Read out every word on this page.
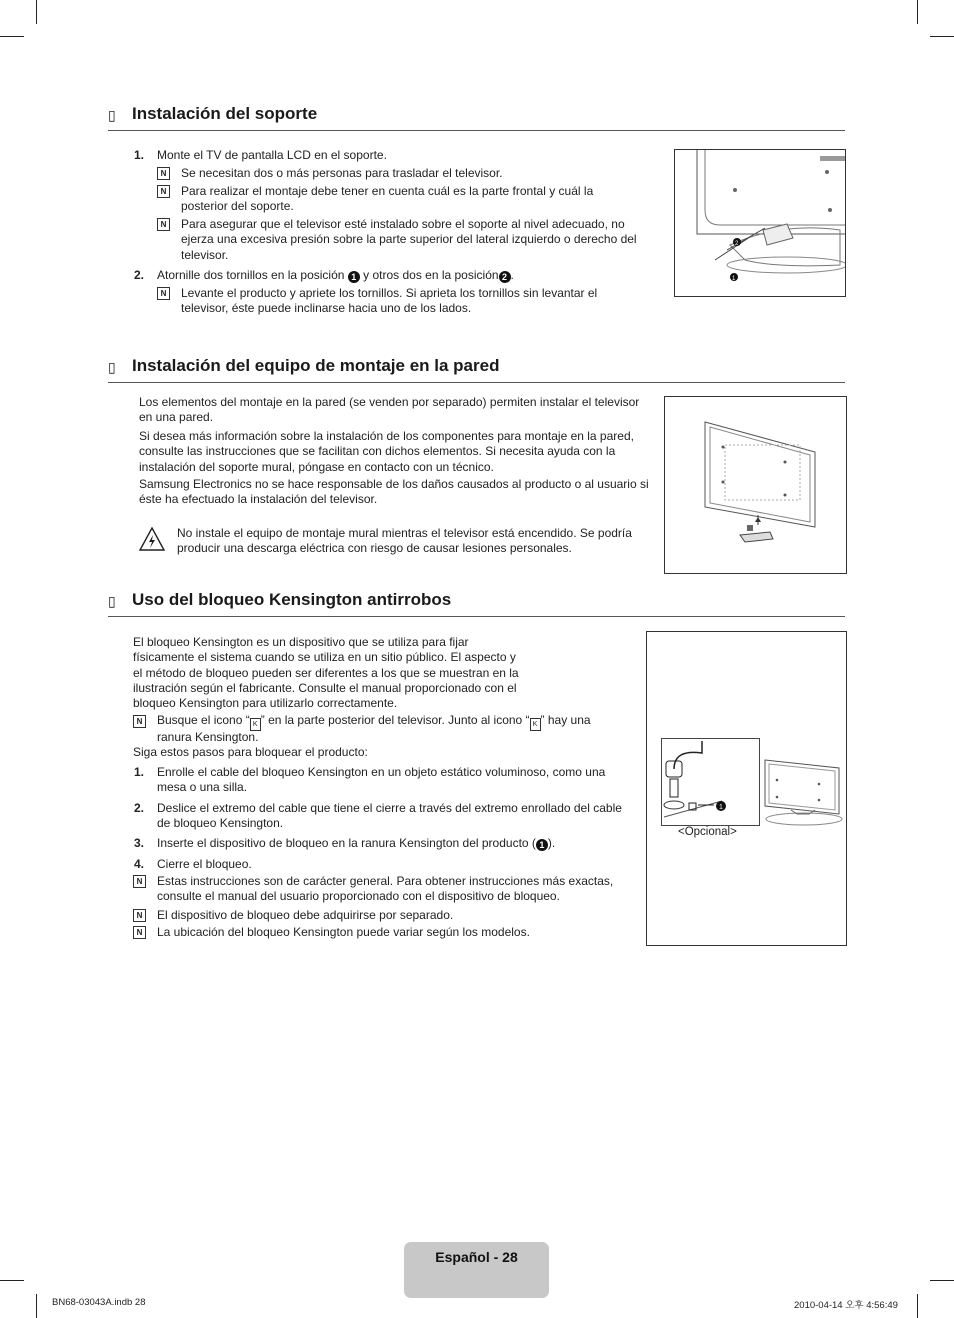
▯ Instalación del soporte
1. Monte el TV de pantalla LCD en el soporte.
N	Se necesitan dos o más personas para trasladar el televisor.
N	Para realizar el montaje debe tener en cuenta cuál es la parte frontal y cuál la posterior del soporte.
N	Para asegurar que el televisor esté instalado sobre el soporte al nivel adecuado, no ejerza una excesiva presión sobre la parte superior del lateral izquierdo o derecho del televisor.
2. Atornille dos tornillos en la posición 1 y otros dos en la posición 2 .
N	Levante el producto y apriete los tornillos. Si aprieta los tornillos sin levantar el televisor, éste puede inclinarse hacia uno de los lados.
2
1
▯ Instalación del equipo de montaje en la pared
Los elementos del montaje en la pared (se venden por separado) permiten instalar el televisor en una pared.
Si desea más información sobre la instalación de los componentes para montaje en la pared, consulte las instrucciones que se facilitan con dichos elementos. Si necesita ayuda con la instalación del soporte mural, póngase en contacto con un técnico.
Samsung Electronics no se hace responsable de los daños causados al producto o al usuario si éste ha efectuado la instalación del televisor.
No instale el equipo de montaje mural mientras el televisor está encendido. Se podría producir una descarga eléctrica con riesgo de causar lesiones personales.
▯ Uso del bloqueo Kensington antirrobos
El bloqueo Kensington es un dispositivo que se utiliza para fijar físicamente el sistema cuando se utiliza en un sitio público. El aspecto y el método de bloqueo pueden ser diferentes a los que se muestran en la ilustración según el fabricante. Consulte el manual proporcionado con el bloqueo Kensington para utilizarlo correctamente.
N	Busque el icono “ K ” en la parte posterior del televisor. Junto al icono “ K ” hay una ranura Kensington.
Siga estos pasos para bloquear el producto:
1. Enrolle el cable del bloqueo Kensington en un objeto estático voluminoso, como una mesa o una silla.
2. Deslice el extremo del cable que tiene el cierre a través del extremo enrollado del cable de bloqueo Kensington.
3. Inserte el dispositivo de bloqueo en la ranura Kensington del producto ( 1 ).
4. Cierre el bloqueo.
N	Estas instrucciones son de carácter general. Para obtener instrucciones más exactas, consulte el manual del usuario proporcionado con el dispositivo de bloqueo.
N	El dispositivo de bloqueo debe adquirirse por separado.
N	La ubicación del bloqueo Kensington puede variar según los modelos.
1
<Opcional>
Español - 28
BN68-03043A.indb 28	2010-04-14 오후 4:56:49
